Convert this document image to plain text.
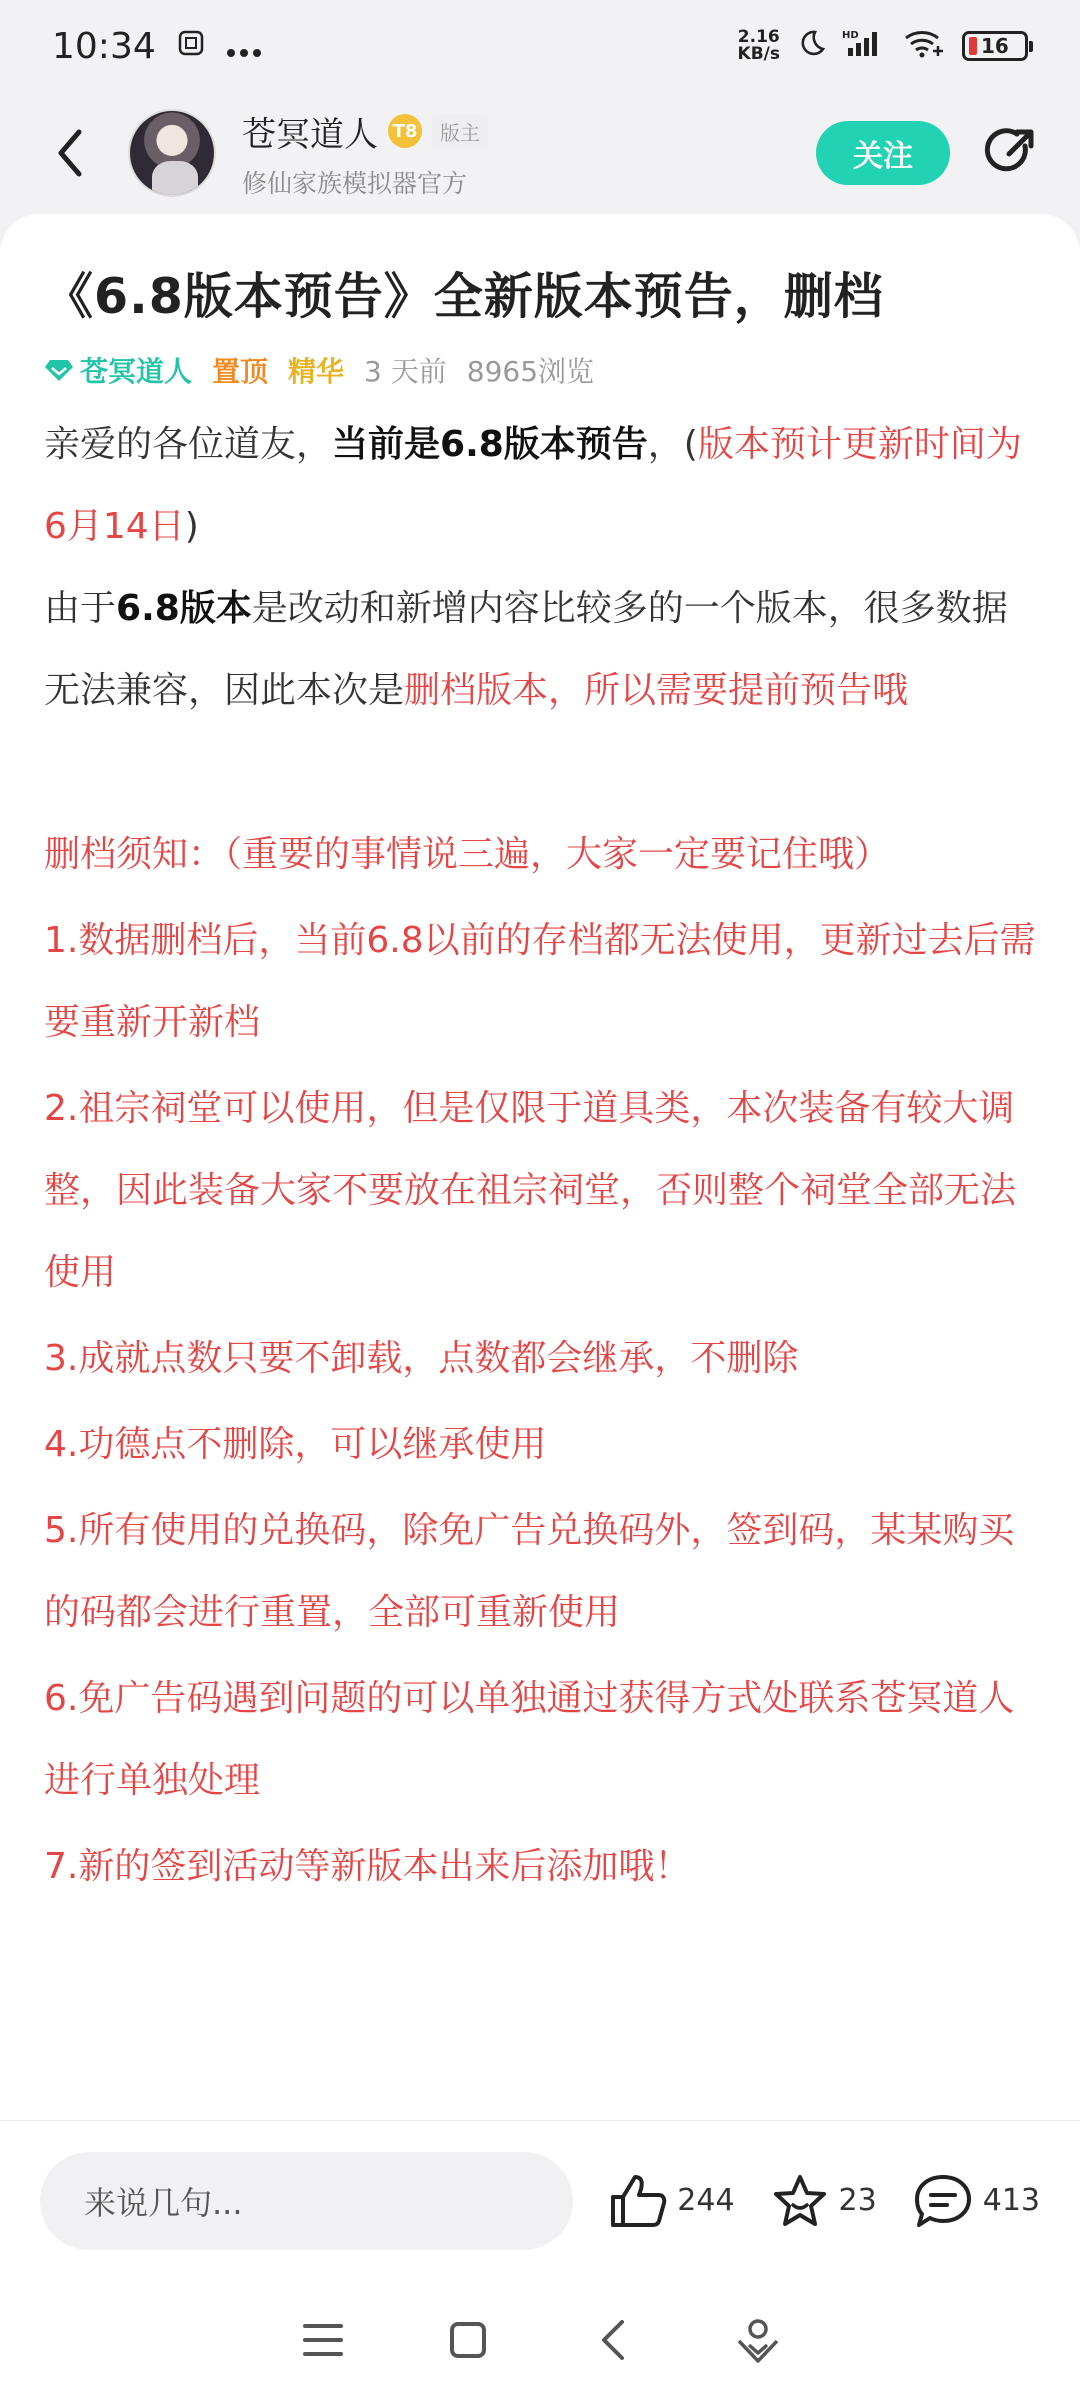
10:34	2.16
KB/s
HD	16
苍冥道人 T8	版主
修仙家族模拟器官方
关注
《6.8版本预告》全新版本预告，删档
苍冥道人 置顶 精华 3 天前 8965浏览

亲爱的各位道友，当前是6.8版本预告，(版本预计更新时间为6月14日)

由于6.8版本是改动和新增内容比较多的一个版本，很多数据无法兼容，因此本次是删档版本，所以需要提前预告哦

删档须知：（重要的事情说三遍，大家一定要记住哦）

1.数据删档后，当前6.8以前的存档都无法使用，更新过去后需要重新开新档

2.祖宗祠堂可以使用，但是仅限于道具类，本次装备有较大调整，因此装备大家不要放在祖宗祠堂，否则整个祠堂全部无法使用

3.成就点数只要不卸载，点数都会继承，不删除

4.功德点不删除，可以继承使用

5.所有使用的兑换码，除免广告兑换码外，签到码，某某购买的码都会进行重置，全部可重新使用

6.免广告码遇到问题的可以单独通过获得方式处联系苍冥道人进行单独处理

7.新的签到活动等新版本出来后添加哦！

来说几句...	244	23	413
